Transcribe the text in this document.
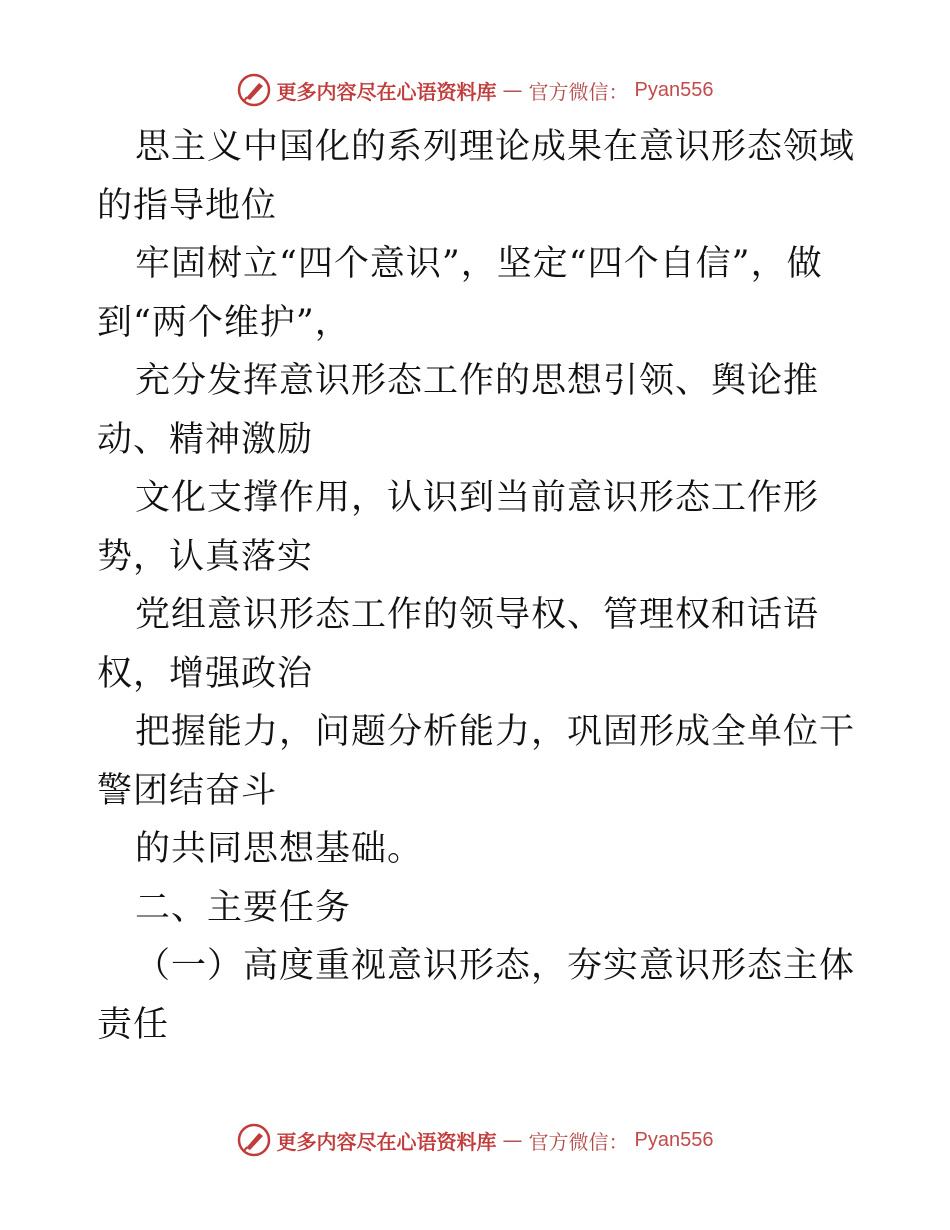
更多内容尽在心语资料库 — 官方微信： Pyan556

思主义中国化的系列理论成果在意识形态领域的指导地位

牢固树立“四个意识”，坚定“四个自信”，做到“两个维护”，

充分发挥意识形态工作的思想引领、舆论推动、精神激励

文化支撑作用，认识到当前意识形态工作形势，认真落实

党组意识形态工作的领导权、管理权和话语权，增强政治

把握能力，问题分析能力，巩固形成全单位干警团结奋斗

的共同思想基础。

二、主要任务

（一）高度重视意识形态，夯实意识形态主体责任

更多内容尽在心语资料库 — 官方微信： Pyan556
